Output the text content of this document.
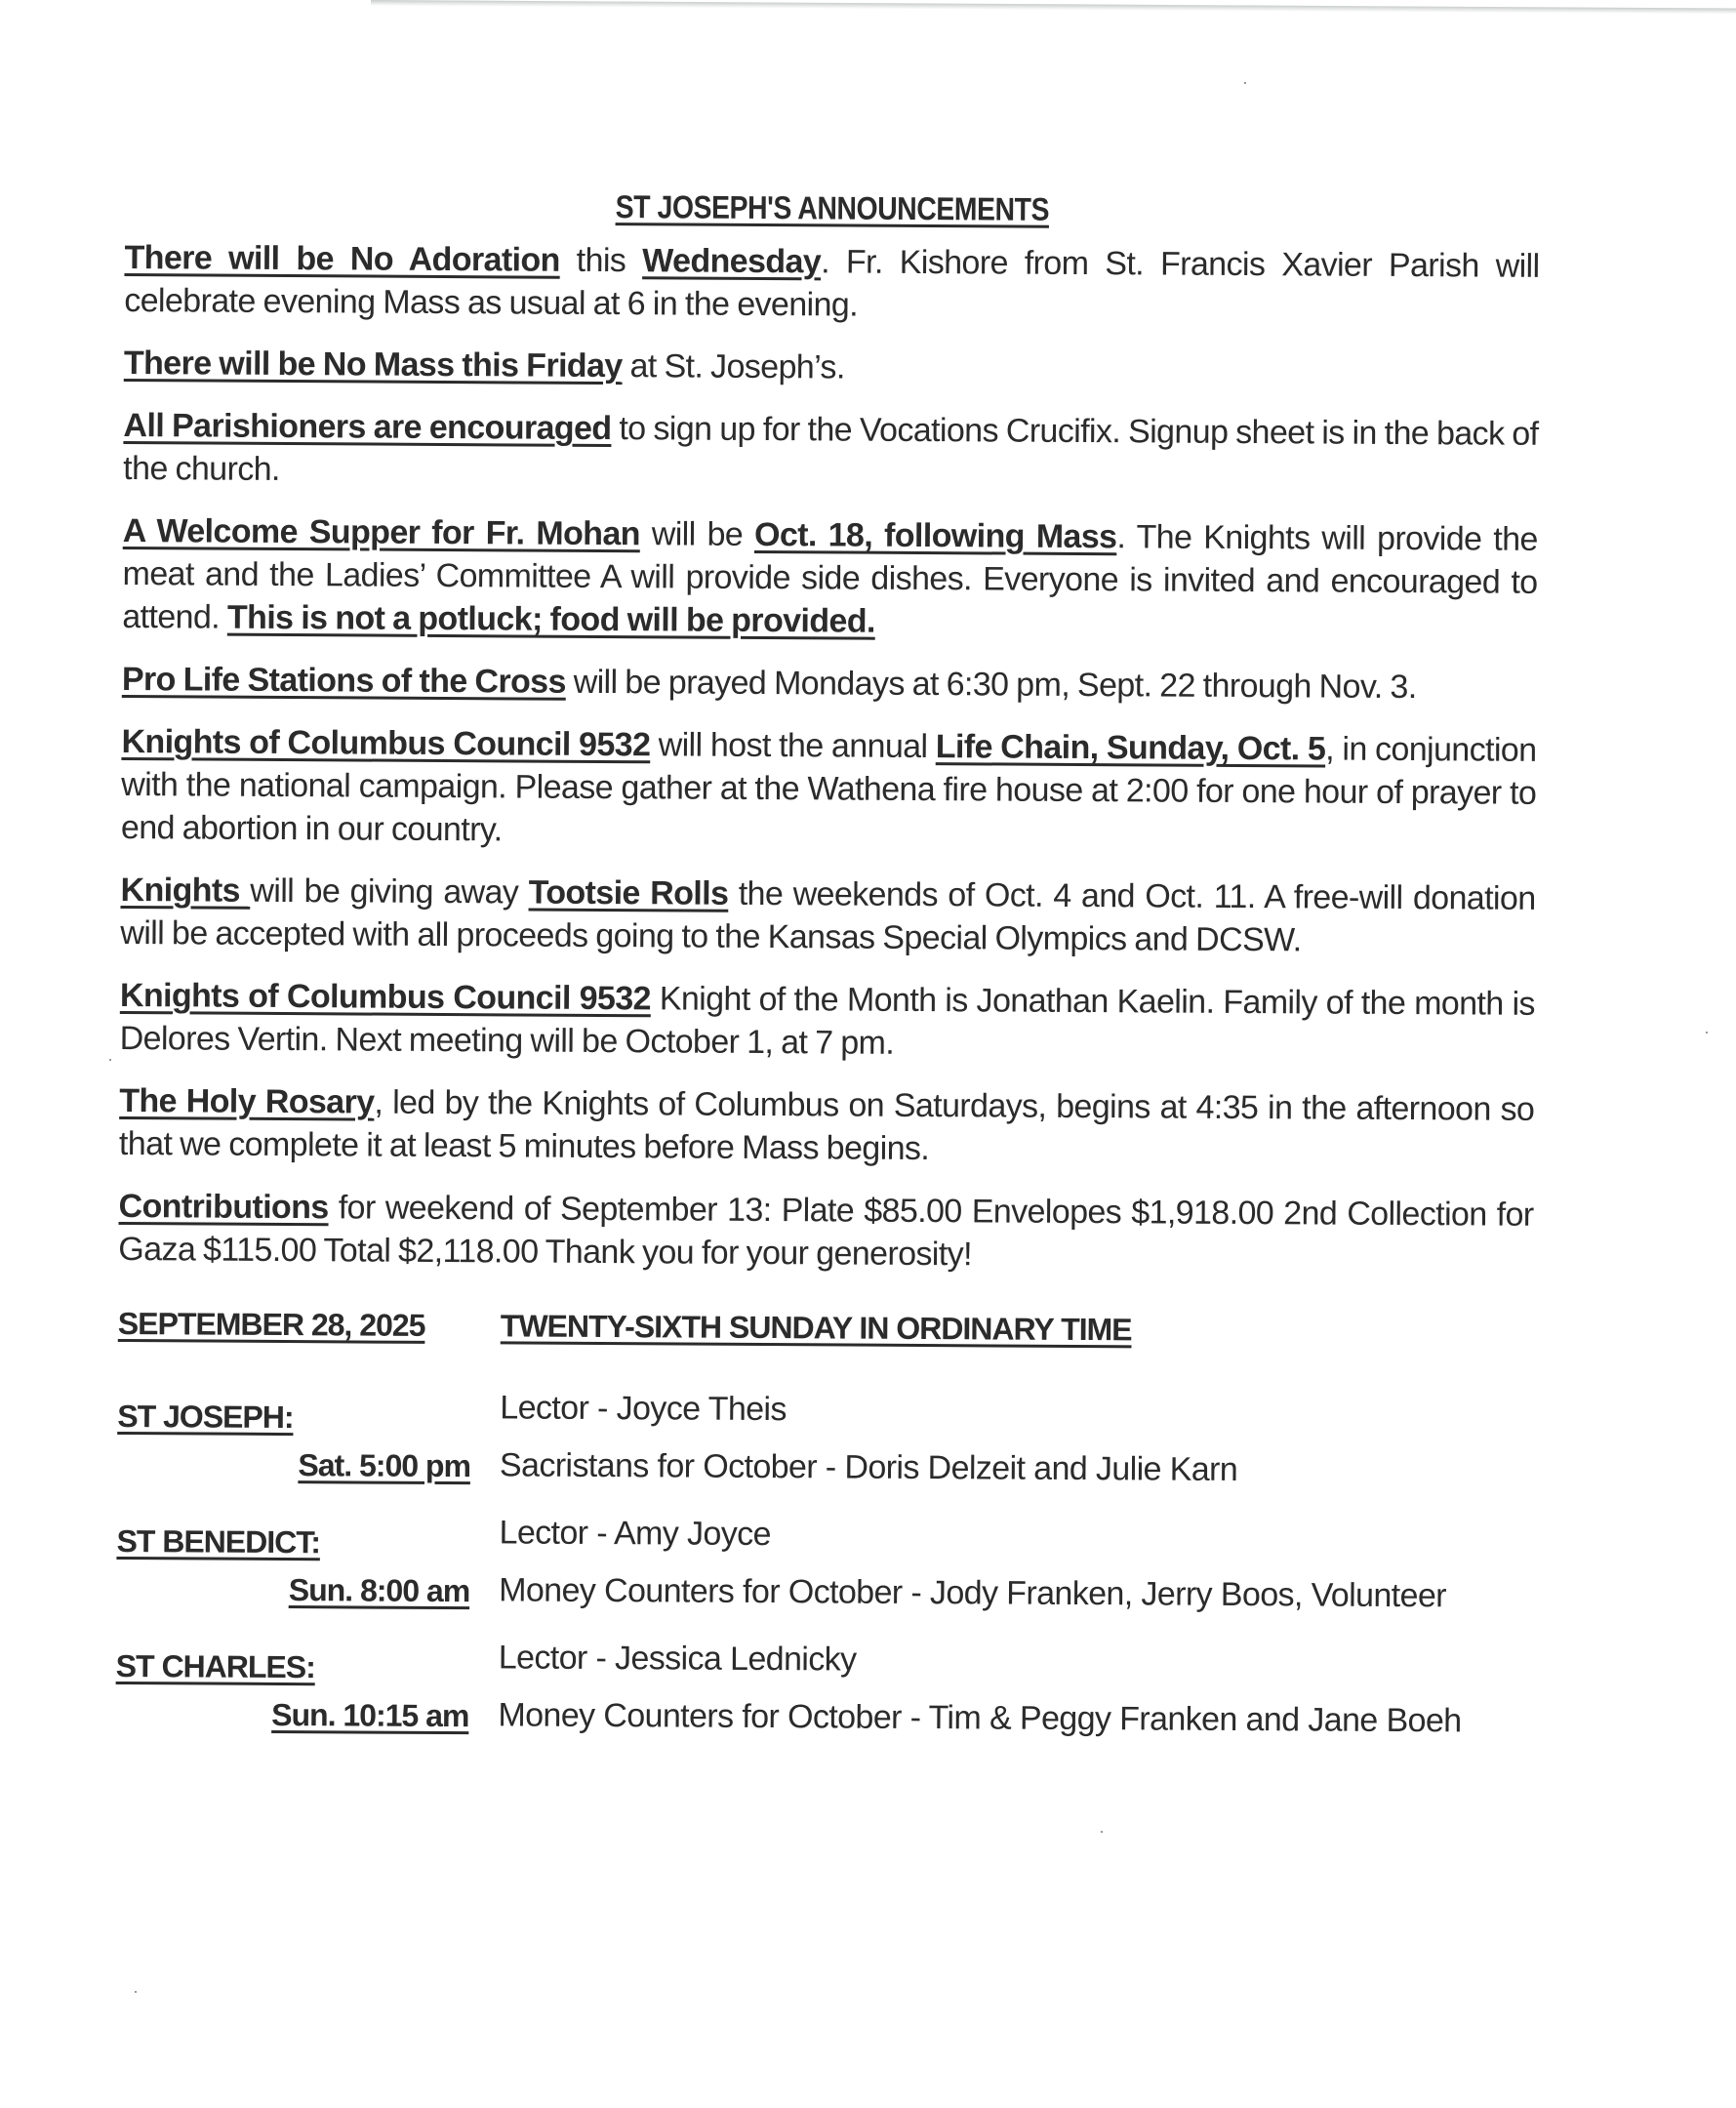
ST JOSEPH'S ANNOUNCEMENTS

There will be No Adoration this Wednesday. Fr. Kishore from St. Francis Xavier Parish will celebrate evening Mass as usual at 6 in the evening.

There will be No Mass this Friday at St. Joseph’s.

All Parishioners are encouraged to sign up for the Vocations Crucifix. Signup sheet is in the back of the church.

A Welcome Supper for Fr. Mohan will be Oct. 18, following Mass. The Knights will provide the meat and the Ladies’ Committee A will provide side dishes. Everyone is invited and encouraged to attend. This is not a potluck; food will be provided.

Pro Life Stations of the Cross will be prayed Mondays at 6:30 pm, Sept. 22 through Nov. 3.

Knights of Columbus Council 9532 will host the annual Life Chain, Sunday, Oct. 5, in conjunction with the national campaign. Please gather at the Wathena fire house at 2:00 for one hour of prayer to end abortion in our country.

Knights will be giving away Tootsie Rolls the weekends of Oct. 4 and Oct. 11. A free-will donation will be accepted with all proceeds going to the Kansas Special Olympics and DCSW.

Knights of Columbus Council 9532 Knight of the Month is Jonathan Kaelin. Family of the month is Delores Vertin. Next meeting will be October 1, at 7 pm.

The Holy Rosary, led by the Knights of Columbus on Saturdays, begins at 4:35 in the afternoon so that we complete it at least 5 minutes before Mass begins.

Contributions for weekend of September 13: Plate $85.00 Envelopes $1,918.00 2nd Collection for Gaza $115.00 Total $2,118.00 Thank you for your generosity!

SEPTEMBER 28, 2025	TWENTY-SIXTH SUNDAY IN ORDINARY TIME
ST JOSEPH:	Lector - Joyce Theis
Sat. 5:00 pm Sacristans for October - Doris Delzeit and Julie Karn
ST BENEDICT:	Lector - Amy Joyce
Sun. 8:00 am Money Counters for October - Jody Franken, Jerry Boos, Volunteer
ST CHARLES:	Lector - Jessica Lednicky
Sun. 10:15 am Money Counters for October - Tim & Peggy Franken and Jane Boeh
